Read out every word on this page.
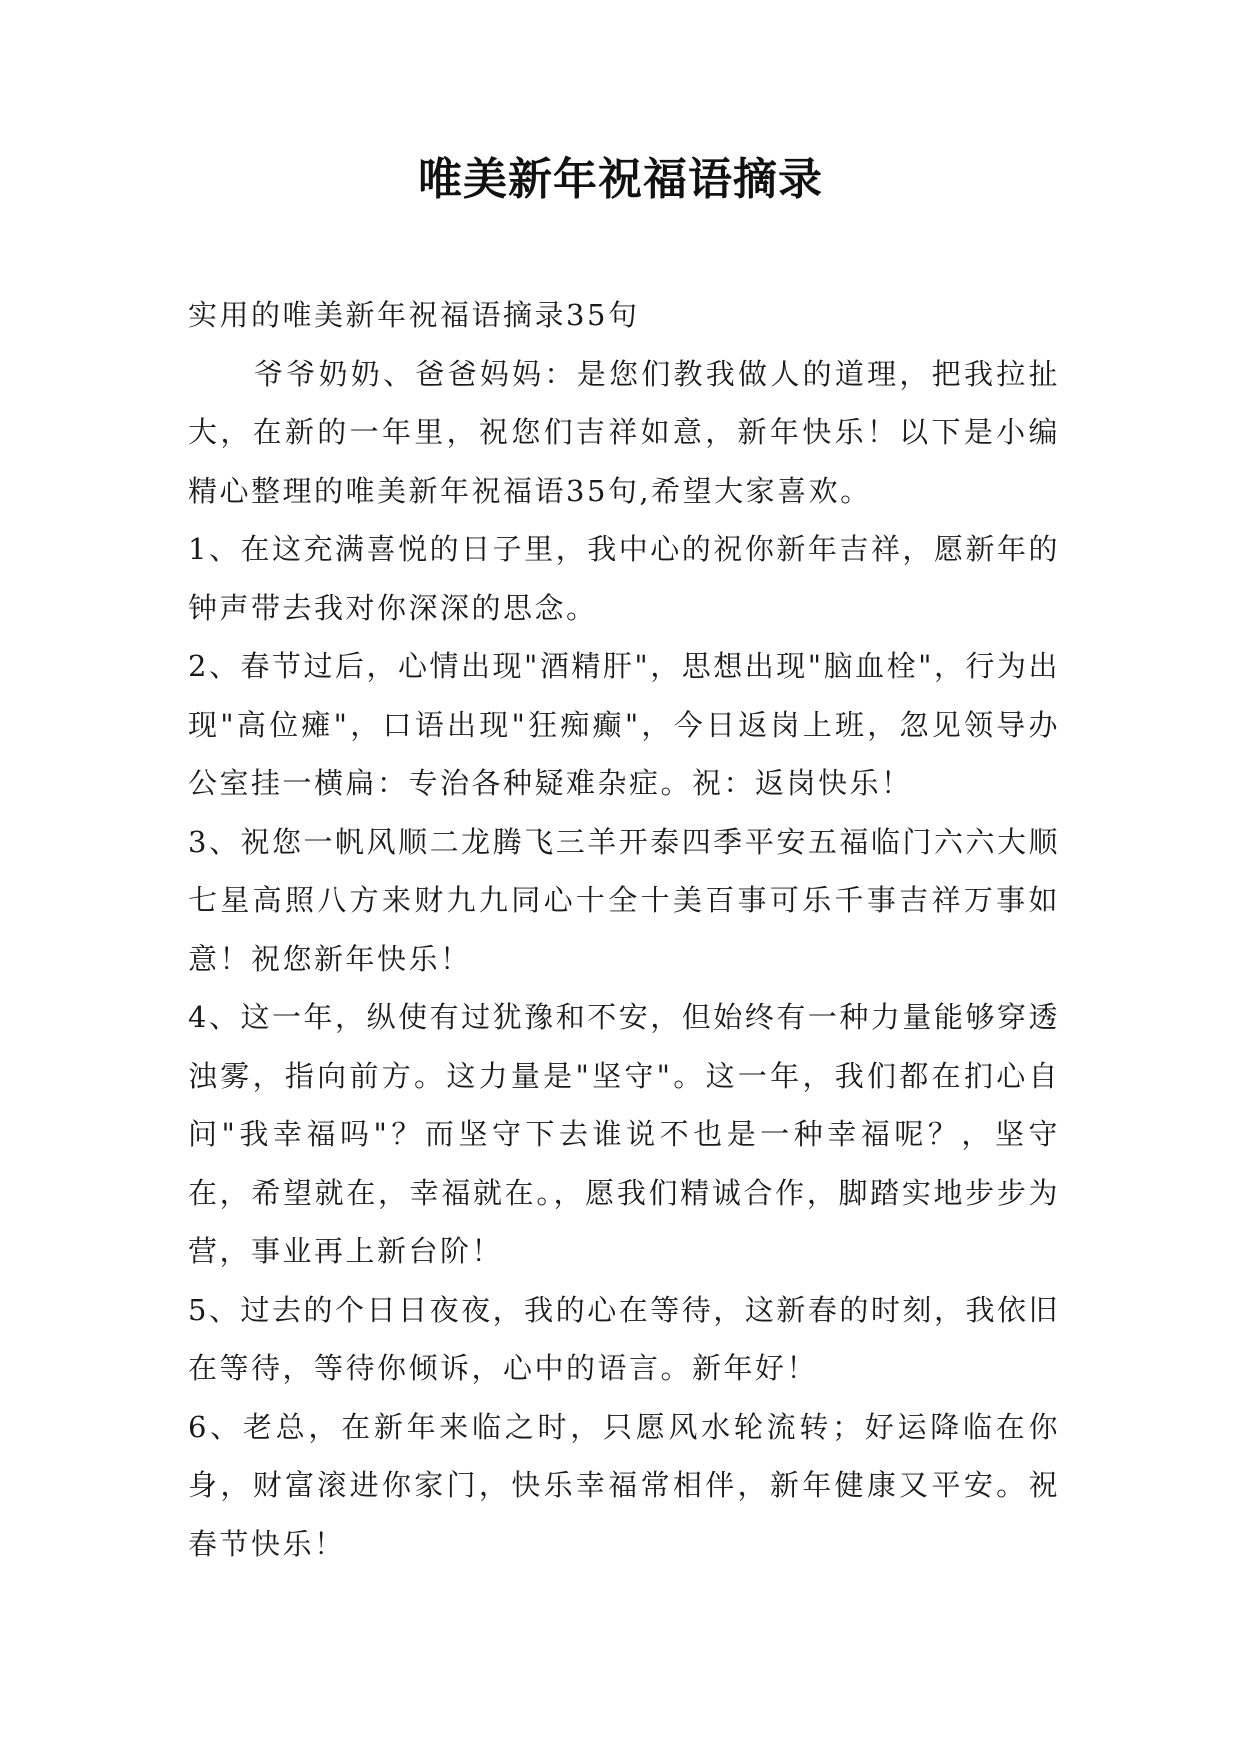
唯美新年祝福语摘录

实用的唯美新年祝福语摘录35句

爷爷奶奶、爸爸妈妈：是您们教我做人的道理，把我拉扯大，在新的一年里，祝您们吉祥如意，新年快乐！以下是小编精心整理的唯美新年祝福语35句,希望大家喜欢。

1、在这充满喜悦的日子里，我中心的祝你新年吉祥，愿新年的钟声带去我对你深深的思念。

2、春节过后，心情出现"酒精肝"，思想出现"脑血栓"，行为出现"高位瘫"，口语出现"狂痴癫"，今日返岗上班，忽见领导办公室挂一横扁：专治各种疑难杂症。祝：返岗快乐！

3、祝您一帆风顺二龙腾飞三羊开泰四季平安五福临门六六大顺七星高照八方来财九九同心十全十美百事可乐千事吉祥万事如意！祝您新年快乐！

4、这一年，纵使有过犹豫和不安，但始终有一种力量能够穿透浊雾，指向前方。这力量是"坚守"。这一年，我们都在扪心自问"我幸福吗"？而坚守下去谁说不也是一种幸福呢？，坚守在，希望就在，幸福就在。，愿我们精诚合作，脚踏实地步步为营，事业再上新台阶！

5、过去的个日日夜夜，我的心在等待，这新春的时刻，我依旧在等待，等待你倾诉，心中的语言。新年好！

6、老总，在新年来临之时，只愿风水轮流转；好运降临在你身，财富滚进你家门，快乐幸福常相伴，新年健康又平安。祝春节快乐！
